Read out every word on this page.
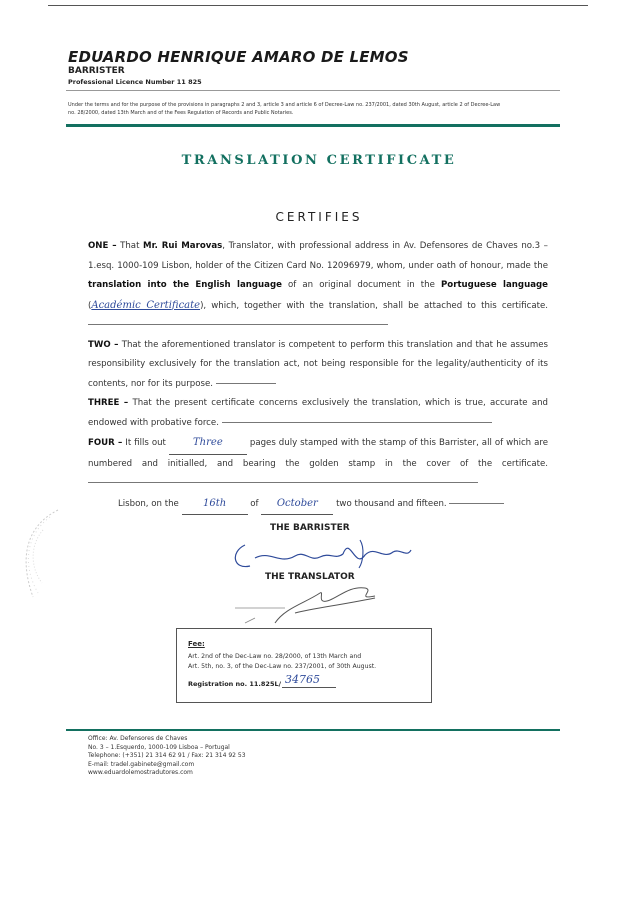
EDUARDO HENRIQUE AMARO DE LEMOS
BARRISTER
Professional Licence Number 11 825
Under the terms and for the purpose of the provisions in paragraphs 2 and 3, article 3 and article 6 of Decree-Law no. 237/2001, dated 30th August, article 2 of Decree-Law
no. 28/2000, dated 13th March and of the Fees Regulation of Records and Public Notaries.
TRANSLATION CERTIFICATE
CERTIFIES

ONE – That Mr. Rui Marovas, Translator, with professional address in Av. Defensores de Chaves no.3 – 1.esq. 1000-109 Lisbon, holder of the Citizen Card No. 12096979, whom, under oath of honour, made the translation into the English language of an original document in the Portuguese language (Académic Certificate), which, together with the translation, shall be attached to this certificate.

TWO – That the aforementioned translator is competent to perform this translation and that he assumes responsibility exclusively for the translation act, not being responsible for the legality/authenticity of its contents, nor for its purpose.

THREE – That the present certificate concerns exclusively the translation, which is true, accurate and endowed with probative force.

FOUR – It fills out	Three	pages duly stamped with the stamp of this Barrister, all of which are numbered and initialled, and bearing the golden stamp in the cover of the certificate.

Lisbon, on the 16th	of October two thousand and fifteen.

THE BARRISTER
THE TRANSLATOR
Fee:
Art. 2nd of the Dec-Law no. 28/2000, of 13th March and
Art. 5th, no. 3, of the Dec-Law no. 237/2001, of 30th August.
Registration no. 11.825L/ 34765
Office: Av. Defensores de Chaves
No. 3 – 1.Esquerdo, 1000-109 Lisboa – Portugal
Telephone: (+351) 21 314 62 91 / Fax: 21 314 92 53
E-mail: tradel.gabinete@gmail.com
www.eduardolemostradutores.com
